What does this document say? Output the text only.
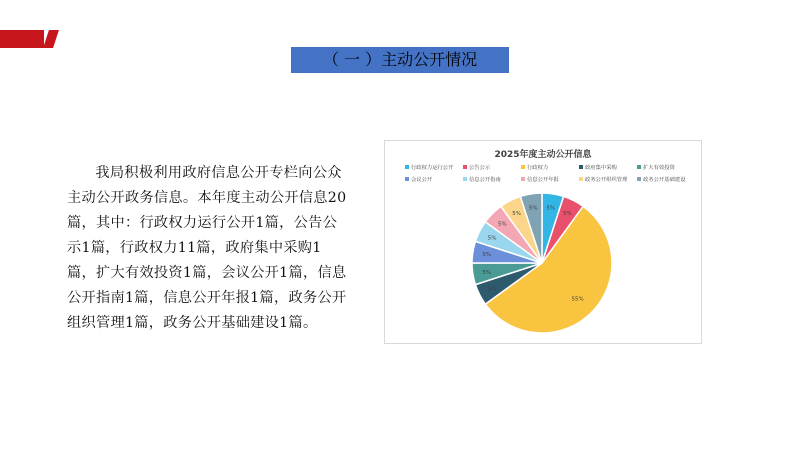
（ 一 ）主动公开情况
我局积极利用政府信息公开专栏向公众主动公开政务信息。本年度主动公开信息20篇，其中：行政权力运行公开1篇，公告公示1篇，行政权力11篇，政府集中采购1篇，扩大有效投资1篇，会议公开1篇，信息公开指南1篇，信息公开年报1篇，政务公开组织管理1篇，政务公开基础建设1篇。
2025年度主动公开信息
行政权力运行公开	公告公示	行政权力	政府集中采购	扩大有效投资
会议公开	信息公开指南	信息公开年报	政务公开组织管理	政务公开基础建设
5%
5%
55%
5%
5%
5%
5%
5%
5%
5%
